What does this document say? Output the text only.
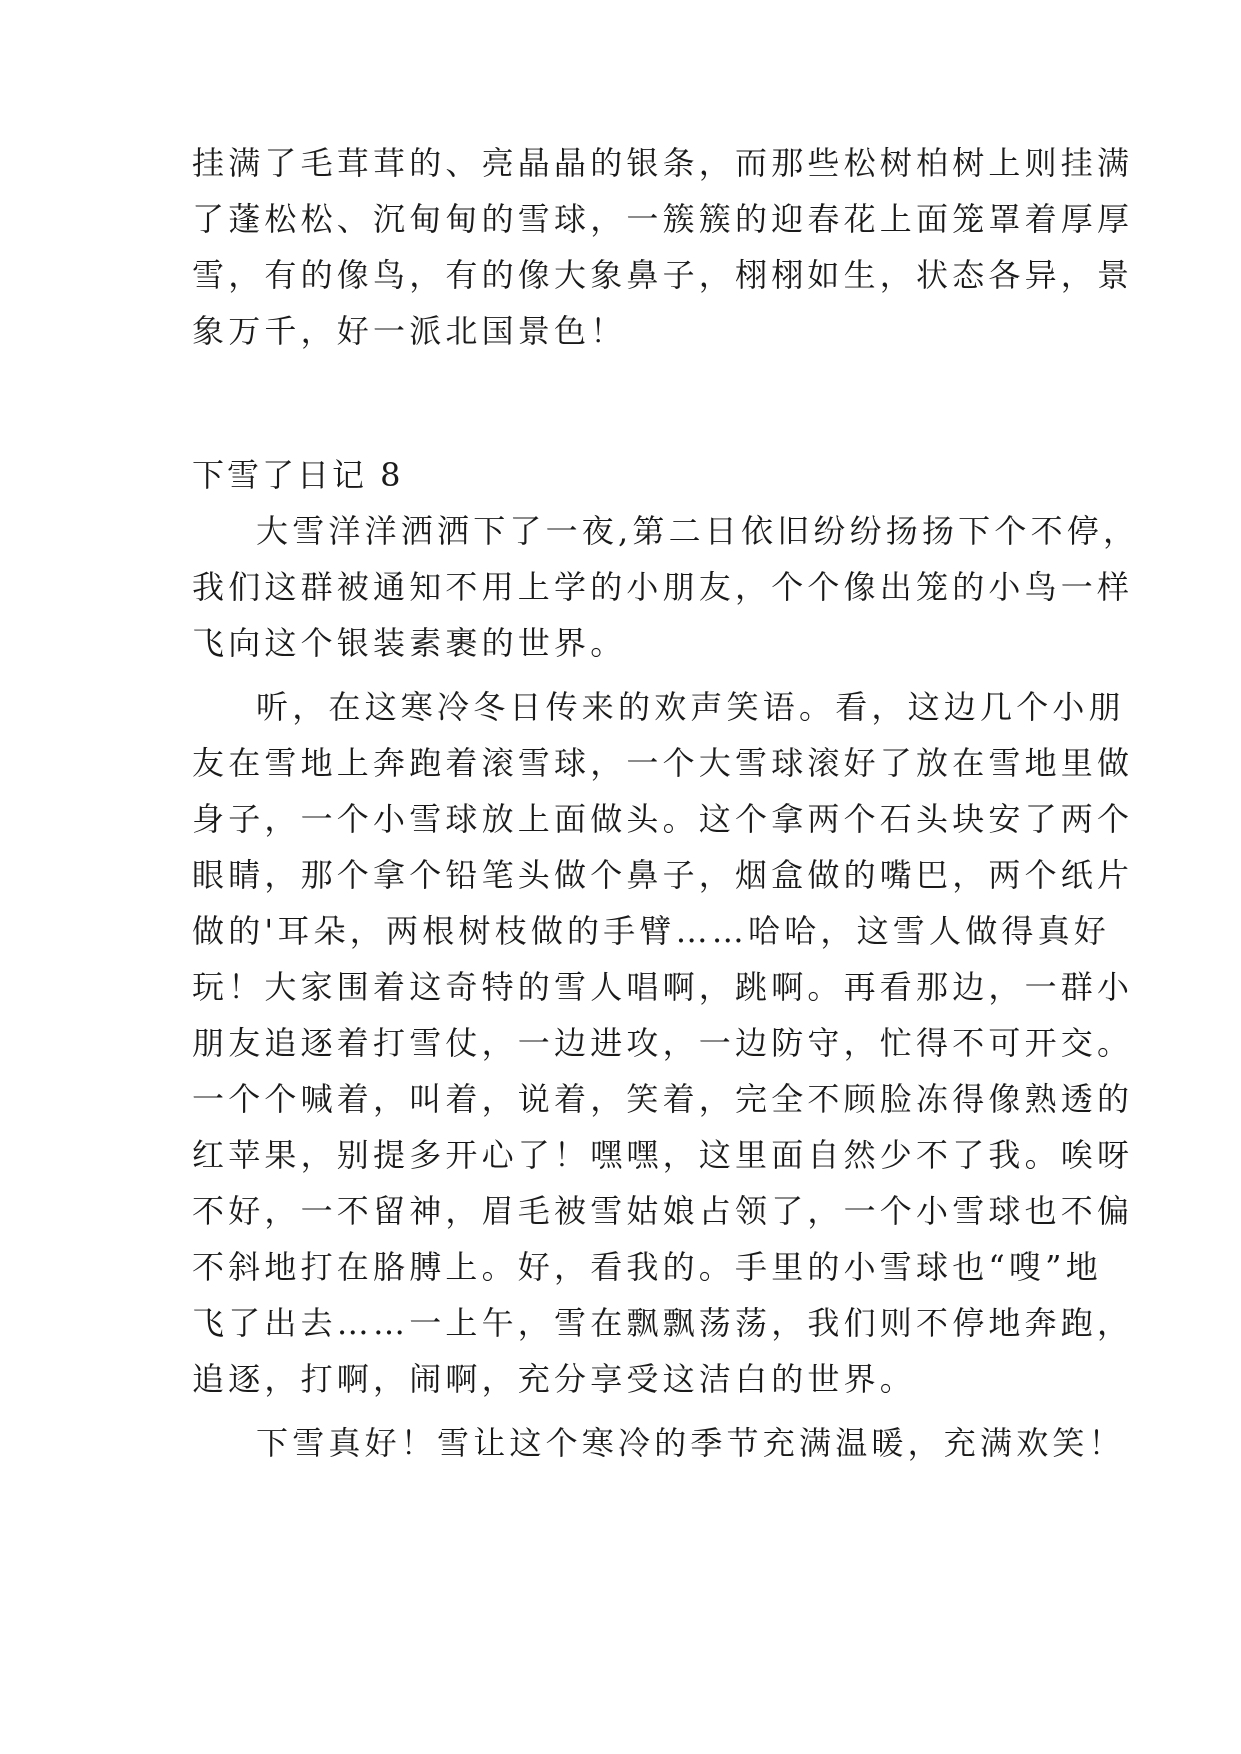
挂满了毛茸茸的、亮晶晶的银条，而那些松树柏树上则挂满
了蓬松松、沉甸甸的雪球，一簇簇的迎春花上面笼罩着厚厚
雪，有的像鸟，有的像大象鼻子，栩栩如生，状态各异，景
象万千，好一派北国景色！
下雪了日记 8
大雪洋洋洒洒下了一夜,第二日依旧纷纷扬扬下个不停，
我们这群被通知不用上学的小朋友，个个像出笼的小鸟一样
飞向这个银装素裹的世界。
听，在这寒冷冬日传来的欢声笑语。看，这边几个小朋
友在雪地上奔跑着滚雪球，一个大雪球滚好了放在雪地里做
身子，一个小雪球放上面做头。这个拿两个石头块安了两个
眼睛，那个拿个铅笔头做个鼻子，烟盒做的嘴巴，两个纸片
做的'耳朵，两根树枝做的手臂……哈哈，这雪人做得真好
玩！大家围着这奇特的雪人唱啊，跳啊。再看那边，一群小
朋友追逐着打雪仗，一边进攻，一边防守，忙得不可开交。
一个个喊着，叫着，说着，笑着，完全不顾脸冻得像熟透的
红苹果，别提多开心了！嘿嘿，这里面自然少不了我。唉呀
不好，一不留神，眉毛被雪姑娘占领了，一个小雪球也不偏
不斜地打在胳膊上。好，看我的。手里的小雪球也“嗖”地
飞了出去……一上午，雪在飘飘荡荡，我们则不停地奔跑，
追逐，打啊，闹啊，充分享受这洁白的世界。
下雪真好！雪让这个寒冷的季节充满温暖，充满欢笑！
